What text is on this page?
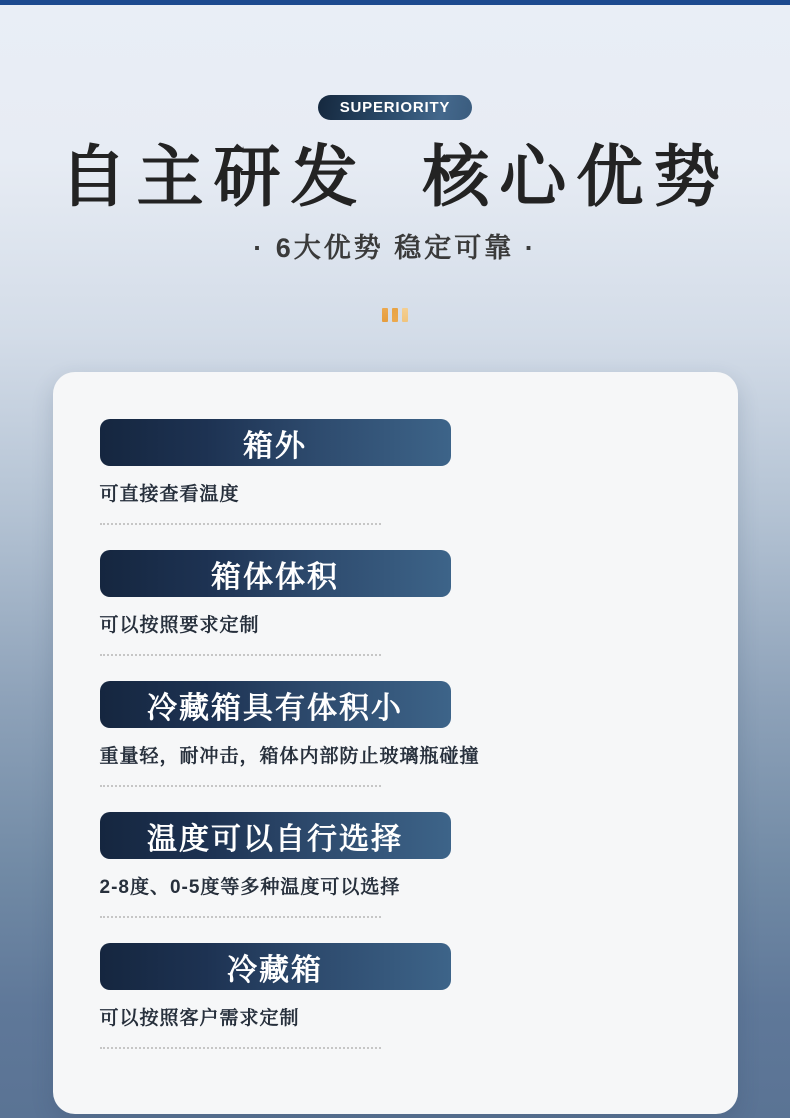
SUPERIORITY
自主研发 核心优势
· 6大优势 稳定可靠 ·
箱外
可直接查看温度
箱体体积
可以按照要求定制
冷藏箱具有体积小
重量轻，耐冲击，箱体内部防止玻璃瓶碰撞
温度可以自行选择
2-8度、0-5度等多种温度可以选择
冷藏箱
可以按照客户需求定制
